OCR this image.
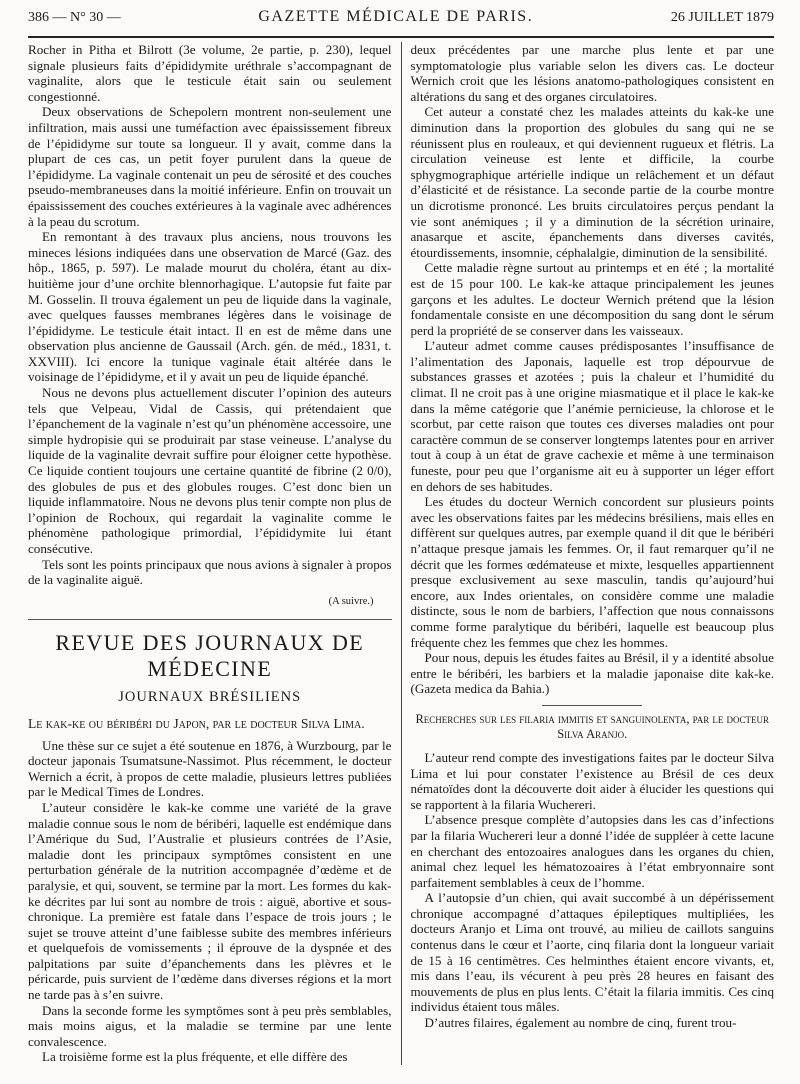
386 — N° 30 —	GAZETTE MÉDICALE DE PARIS.	26 JUILLET 1879

Rocher in Pitha et Bilrott (3e volume, 2e partie, p. 230), lequel signale plusieurs faits d’épididymite uréthrale s’accompagnant de vaginalite, alors que le testicule était sain ou seulement congestionné.

Deux observations de Schepolern montrent non-seulement une infiltration, mais aussi une tuméfaction avec épaississement fibreux de l’épididyme sur toute sa longueur. Il y avait, comme dans la plupart de ces cas, un petit foyer purulent dans la queue de l’épididyme. La vaginale contenait un peu de sérosité et des couches pseudo-membraneuses dans la moitié inférieure. Enfin on trouvait un épaississement des couches extérieures à la vaginale avec adhérences à la peau du scrotum.

En remontant à des travaux plus anciens, nous trouvons les mineces lésions indiquées dans une observation de Marcé (Gaz. des hôp., 1865, p. 597). Le malade mourut du choléra, étant au dix-huitième jour d’une orchite blennorhagique. L’autopsie fut faite par M. Gosselin. Il trouva également un peu de liquide dans la vaginale, avec quelques fausses membranes légères dans le voisinage de l’épididyme. Le testicule était intact. Il en est de même dans une observation plus ancienne de Gaussail (Arch. gén. de méd., 1831, t. XXVIII). Ici encore la tunique vaginale était altérée dans le voisinage de l’épididyme, et il y avait un peu de liquide épanché.

Nous ne devons plus actuellement discuter l’opinion des auteurs tels que Velpeau, Vidal de Cassis, qui prétendaient que l’épanchement de la vaginale n’est qu’un phénomène accessoire, une simple hydropisie qui se produirait par stase veineuse. L’analyse du liquide de la vaginalite devrait suffire pour éloigner cette hypothèse. Ce liquide contient toujours une certaine quantité de fibrine (2 0/0), des globules de pus et des globules rouges. C’est donc bien un liquide inflammatoire. Nous ne devons plus tenir compte non plus de l’opinion de Rochoux, qui regardait la vaginalite comme le phénomène pathologique primordial, l’épididymite lui étant consécutive.

Tels sont les points principaux que nous avions à signaler à propos de la vaginalite aiguë.

(A suivre.)

REVUE DES JOURNAUX DE MÉDECINE
JOURNAUX BRÉSILIENS

Le kak-ke ou béribéri du Japon, par le docteur Silva Lima.

Une thèse sur ce sujet a été soutenue en 1876, à Wurzbourg, par le docteur japonais Tsumatsune-Nassimot. Plus récemment, le docteur Wernich a écrit, à propos de cette maladie, plusieurs lettres publiées par le Medical Times de Londres.

L’auteur considère le kak-ke comme une variété de la grave maladie connue sous le nom de béribéri, laquelle est endémique dans l’Amérique du Sud, l’Australie et plusieurs contrées de l’Asie, maladie dont les principaux symptômes consistent en une perturbation générale de la nutrition accompagnée d’œdème et de paralysie, et qui, souvent, se termine par la mort. Les formes du kak-ke décrites par lui sont au nombre de trois : aiguë, abortive et sous-chronique. La première est fatale dans l’espace de trois jours ; le sujet se trouve atteint d’une faiblesse subite des membres inférieurs et quelquefois de vomissements ; il éprouve de la dyspnée et des palpitations par suite d’épanchements dans les plèvres et le péricarde, puis survient de l’œdème dans diverses régions et la mort ne tarde pas à s’en suivre.

Dans la seconde forme les symptômes sont à peu près semblables, mais moins aigus, et la maladie se termine par une lente convalescence.

La troisième forme est la plus fréquente, et elle diffère des

deux précédentes par une marche plus lente et par une symptomatologie plus variable selon les divers cas. Le docteur Wernich croit que les lésions anatomo-pathologiques consistent en altérations du sang et des organes circulatoires.

Cet auteur a constaté chez les malades atteints du kak-ke une diminution dans la proportion des globules du sang qui ne se réunissent plus en rouleaux, et qui deviennent rugueux et flétris. La circulation veineuse est lente et difficile, la courbe sphygmographique artérielle indique un relâchement et un défaut d’élasticité et de résistance. La seconde partie de la courbe montre un dicrotisme prononcé. Les bruits circulatoires perçus pendant la vie sont anémiques ; il y a diminution de la sécrétion urinaire, anasarque et ascite, épanchements dans diverses cavités, étourdissements, insomnie, céphalalgie, diminution de la sensibilité.

Cette maladie règne surtout au printemps et en été ; la mortalité est de 15 pour 100. Le kak-ke attaque principalement les jeunes garçons et les adultes. Le docteur Wernich prétend que la lésion fondamentale consiste en une décomposition du sang dont le sérum perd la propriété de se conserver dans les vaisseaux.

L’auteur admet comme causes prédisposantes l’insuffisance de l’alimentation des Japonais, laquelle est trop dépourvue de substances grasses et azotées ; puis la chaleur et l’humidité du climat. Il ne croit pas à une origine miasmatique et il place le kak-ke dans la même catégorie que l’anémie pernicieuse, la chlorose et le scorbut, par cette raison que toutes ces diverses maladies ont pour caractère commun de se conserver longtemps latentes pour en arriver tout à coup à un état de grave cachexie et même à une terminaison funeste, pour peu que l’organisme ait eu à supporter un léger effort en dehors de ses habitudes.

Les études du docteur Wernich concordent sur plusieurs points avec les observations faites par les médecins brésiliens, mais elles en diffèrent sur quelques autres, par exemple quand il dit que le béribéri n’attaque presque jamais les femmes. Or, il faut remarquer qu’il ne décrit que les formes œdémateuse et mixte, lesquelles appartiennent presque exclusivement au sexe masculin, tandis qu’aujourd’hui encore, aux Indes orientales, on considère comme une maladie distincte, sous le nom de barbiers, l’affection que nous connaissons comme forme paralytique du béribéri, laquelle est beaucoup plus fréquente chez les femmes que chez les hommes.

Pour nous, depuis les études faites au Brésil, il y a identité absolue entre le béribéri, les barbiers et la maladie japonaise dite kak-ke. (Gazeta medica da Bahia.)

Recherches sur les filaria immitis et sanguinolenta, par le docteur Silva Aranjo.

L’auteur rend compte des investigations faites par le docteur Silva Lima et lui pour constater l’existence au Brésil de ces deux nématoïdes dont la découverte doit aider à élucider les questions qui se rapportent à la filaria Wuchereri.

L’absence presque complète d’autopsies dans les cas d’infections par la filaria Wuchereri leur a donné l’idée de suppléer à cette lacune en cherchant des entozoaires analogues dans les organes du chien, animal chez lequel les hématozoaires à l’état embryonnaire sont parfaitement semblables à ceux de l’homme.

A l’autopsie d’un chien, qui avait succombé à un dépérissement chronique accompagné d’attaques épileptiques multipliées, les docteurs Aranjo et Lima ont trouvé, au milieu de caillots sanguins contenus dans le cœur et l’aorte, cinq filaria dont la longueur variait de 15 à 16 centimètres. Ces helminthes étaient encore vivants, et, mis dans l’eau, ils vécurent à peu près 28 heures en faisant des mouvements de plus en plus lents. C’était la filaria immitis. Ces cinq individus étaient tous mâles.

D’autres filaires, également au nombre de cinq, furent trou-
